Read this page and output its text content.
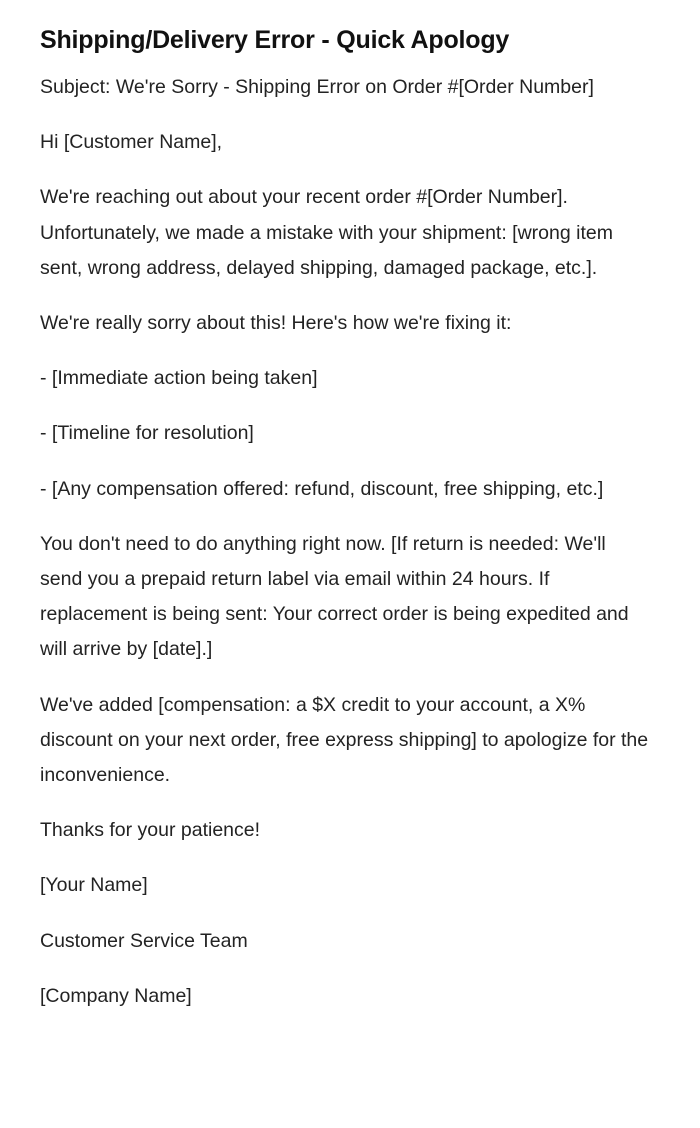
Shipping/Delivery Error - Quick Apology

Subject: We're Sorry - Shipping Error on Order #[Order Number]

Hi [Customer Name],

We're reaching out about your recent order #[Order Number]. Unfortunately, we made a mistake with your shipment: [wrong item sent, wrong address, delayed shipping, damaged package, etc.].

We're really sorry about this! Here's how we're fixing it:

- [Immediate action being taken]

- [Timeline for resolution]

- [Any compensation offered: refund, discount, free shipping, etc.]

You don't need to do anything right now. [If return is needed: We'll send you a prepaid return label via email within 24 hours. If replacement is being sent: Your correct order is being expedited and will arrive by [date].]

We've added [compensation: a $X credit to your account, a X% discount on your next order, free express shipping] to apologize for the inconvenience.

Thanks for your patience!

[Your Name]

Customer Service Team

[Company Name]
